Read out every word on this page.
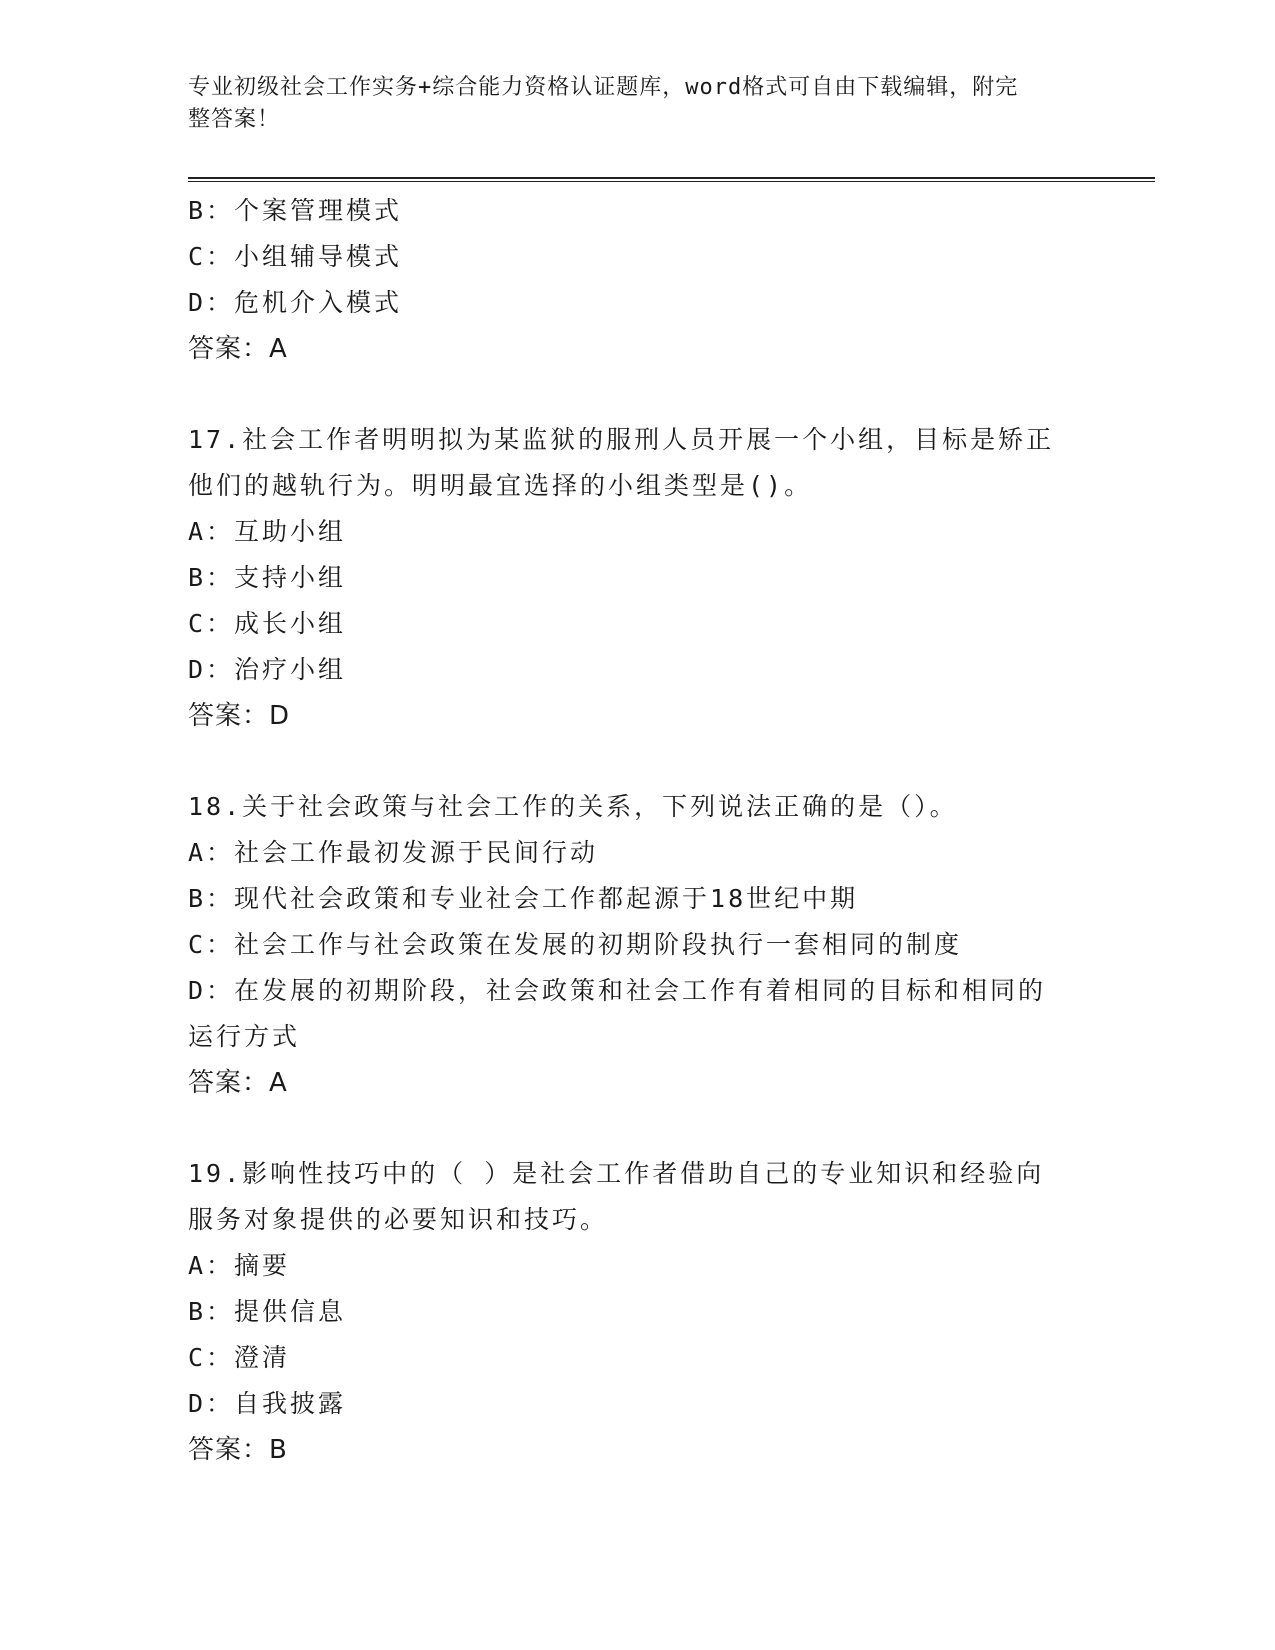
专业初级社会工作实务+综合能力资格认证题库，word格式可自由下载编辑，附完
整答案！
B：个案管理模式
C：小组辅导模式
D：危机介入模式
答案：A
17.社会工作者明明拟为某监狱的服刑人员开展一个小组，目标是矫正
他们的越轨行为。明明最宜选择的小组类型是()。
A：互助小组
B：支持小组
C：成长小组
D：治疗小组
答案：D
18.关于社会政策与社会工作的关系，下列说法正确的是（）。
A：社会工作最初发源于民间行动
B：现代社会政策和专业社会工作都起源于18世纪中期
C：社会工作与社会政策在发展的初期阶段执行一套相同的制度
D：在发展的初期阶段，社会政策和社会工作有着相同的目标和相同的
运行方式
答案：A
19.影响性技巧中的（ ）是社会工作者借助自己的专业知识和经验向
服务对象提供的必要知识和技巧。
A：摘要
B：提供信息
C：澄清
D：自我披露
答案：B
